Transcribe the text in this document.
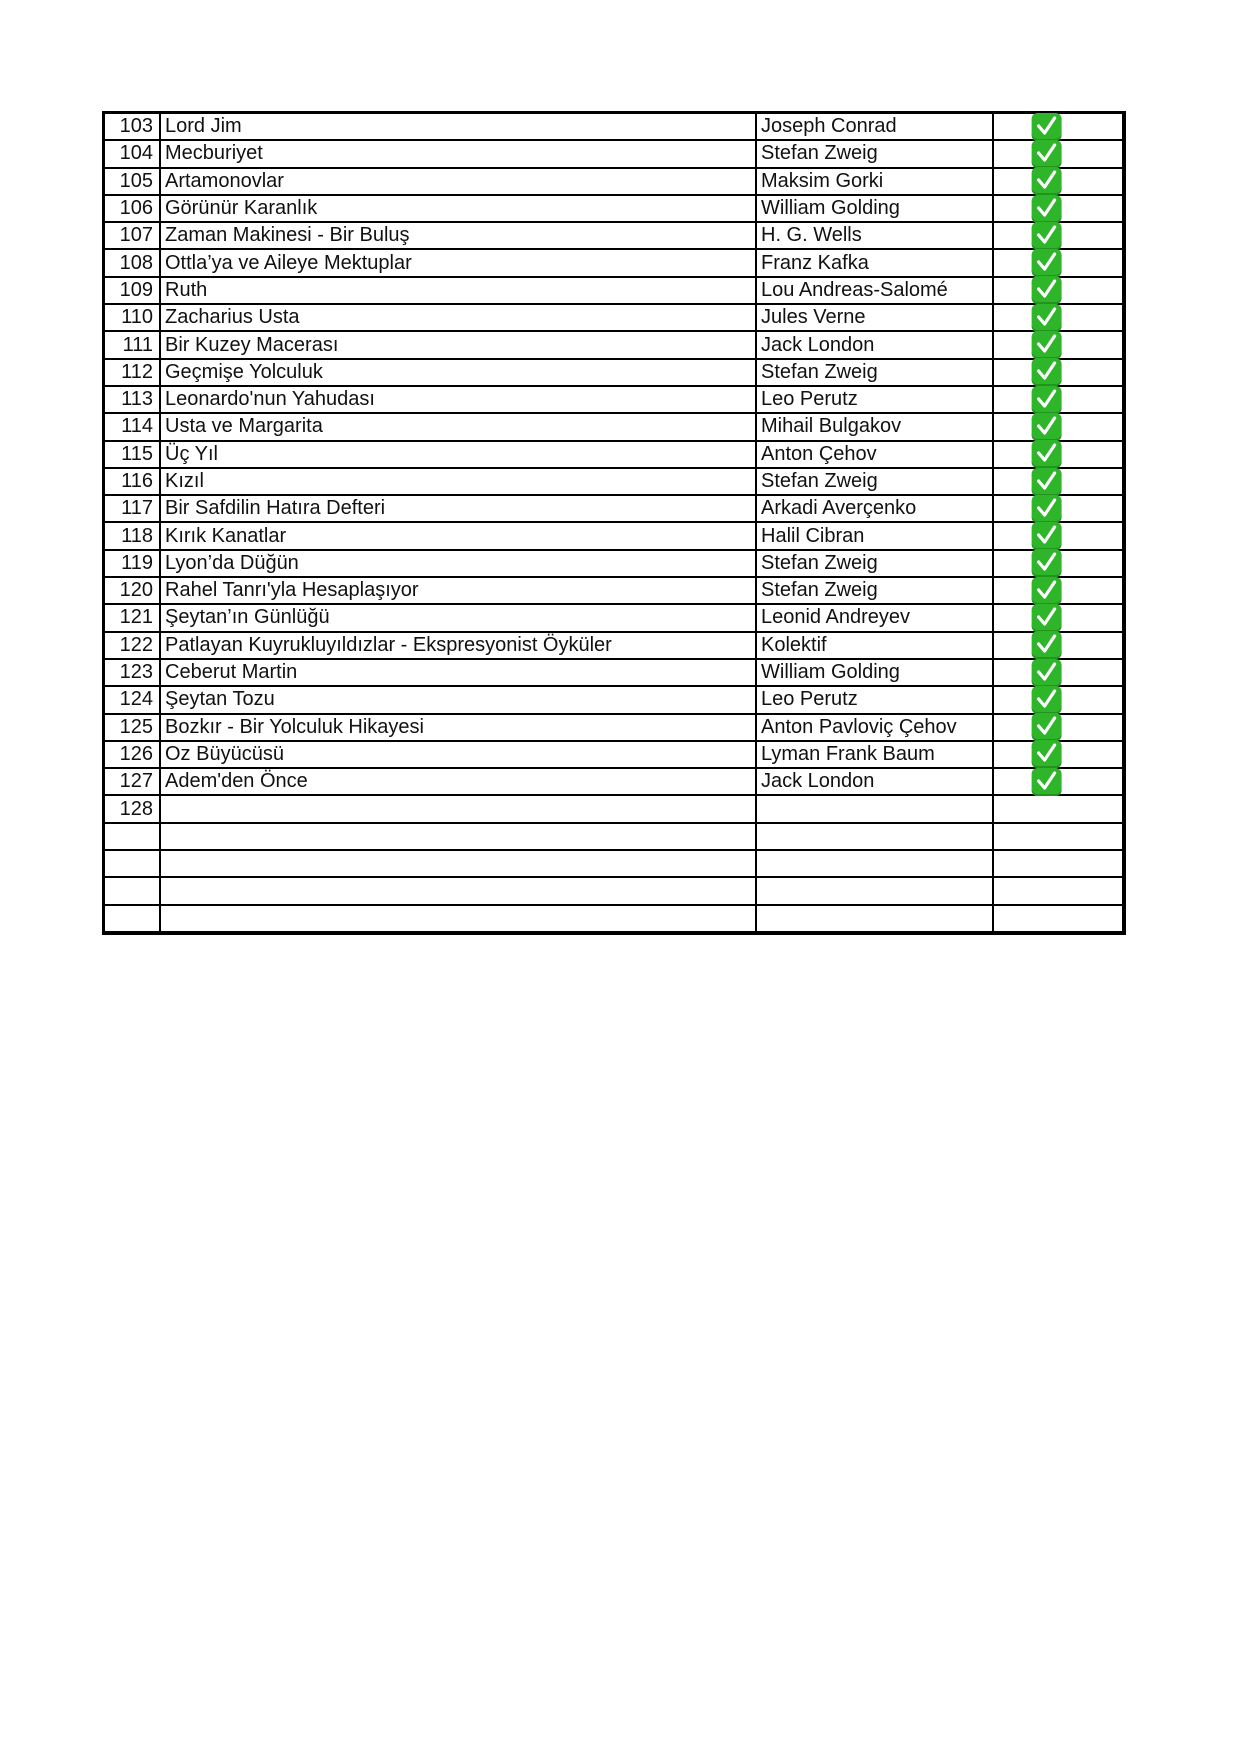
103	Lord Jim	Joseph Conrad	

104	Mecburiyet	Stefan Zweig	

105	Artamonovlar	Maksim Gorki	

106	Görünür Karanlık	William Golding	

107	Zaman Makinesi - Bir Buluş	H. G. Wells	

108	Ottla’ya ve Aileye Mektuplar	Franz Kafka	

109	Ruth	Lou Andreas-Salomé	

110	Zacharius Usta	Jules Verne	

111	Bir Kuzey Macerası	Jack London	

112	Geçmişe Yolculuk	Stefan Zweig	

113	Leonardo'nun Yahudası	Leo Perutz	

114	Usta ve Margarita	Mihail Bulgakov	

115	Üç Yıl	Anton Çehov	

116	Kızıl	Stefan Zweig	

117	Bir Safdilin Hatıra Defteri	Arkadi Averçenko	

118	Kırık Kanatlar	Halil Cibran	

119	Lyon’da Düğün	Stefan Zweig	

120	Rahel Tanrı'yla Hesaplaşıyor	Stefan Zweig	

121	Şeytan’ın Günlüğü	Leonid Andreyev	

122	Patlayan Kuyrukluyıldızlar - Ekspresyonist Öyküler	Kolektif	

123	Ceberut Martin	William Golding	

124	Şeytan Tozu	Leo Perutz	

125	Bozkır - Bir Yolculuk Hikayesi	Anton Pavloviç Çehov	

126	Oz Büyücüsü	Lyman Frank Baum	

127	Adem'den Önce	Jack London	

128			
